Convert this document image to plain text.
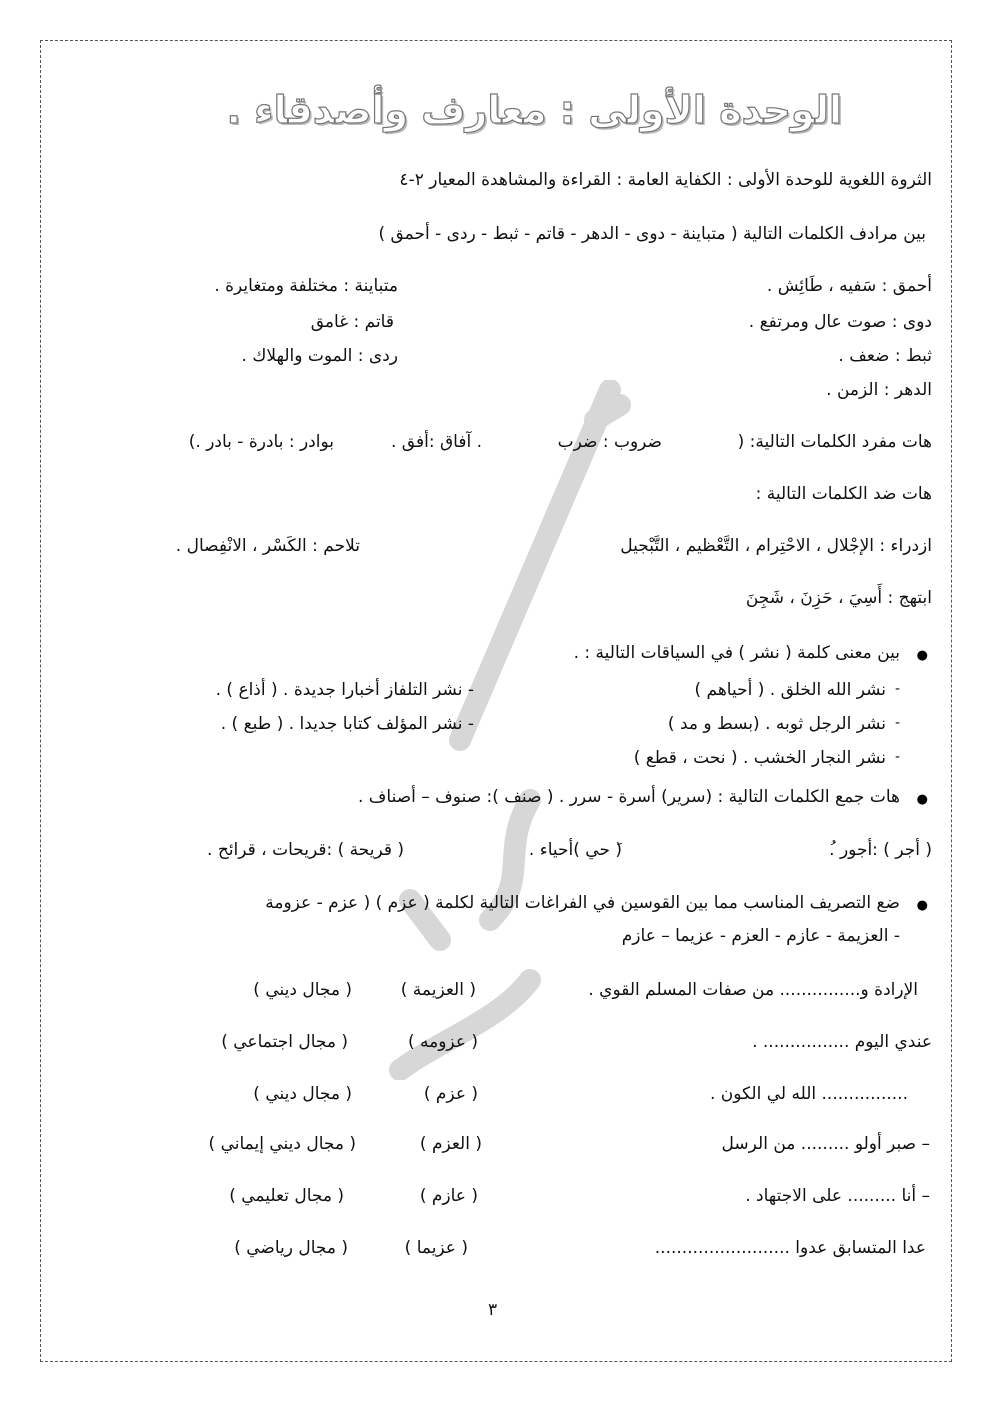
الوحدة الأولى : معارف وأصدقاء .
الثروة اللغوية للوحدة الأولى : الكفاية العامة : القراءة والمشاهدة المعيار ٢-٤
بين مرادف الكلمات التالية ( متباينة - دوى - الدهر - قاتم - ثبط - ردى - أحمق )
أحمق : سَفيه ، طَائِش .
دوى : صوت عال ومرتفع .
ثبط : ضعف .
الدهر : الزمن .
متباينة : مختلفة ومتغايرة .
قاتم : غامق
ردى : الموت والهلاك .
هات مفرد الكلمات التالية: (
ضروب : ضرب
. آفاق :أفق .
بوادر : بادرة - بادر .)
هات ضد الكلمات التالية :
ازدراء : الإجْلال ، الاحْتِرام ، التَّعْظيم ، التَّبْجيل
تلاحم : الكَسْر ، الانْفِصال .
ابتهج : أَسِيَ ، حَزِنَ ، شَجِنَ
●
بين معنى كلمة ( نشر ) في السياقات التالية : .
نشر الله الخلق . ( أحياهم ) -
- نشر التلفاز أخبارا جديدة . ( أذاع ) .
نشر الرجل ثوبه . (بسط و مد ) -
- نشر المؤلف كتابا جديدا . ( طبع ) .
نشر النجار الخشب . ( نحت ، قطع ) -
●
هات جمع الكلمات التالية : (سرير) أسرة - سرر . ( صنف ): صنوف – أصناف .
( أجر ) :أجور .ُ
(َ حي )أحياء .
( قريحة ) :قريحات ، قرائح .
●
ضع التصريف المناسب مما بين القوسين في الفراغات التالية لكلمة ( عزم ) ( عزم - عزومة
- العزيمة - عازم - العزم - عزيما – عازم
الإرادة و............... من صفات المسلم القوي .
( العزيمة )
( مجال ديني )
عندي اليوم ................ .
( عزومه )
( مجال اجتماعي )
................ الله لي الكون .
( عزم )
( مجال ديني )
– صبر أولو ......... من الرسل
( العزم )
( مجال ديني إيماني )
– أنا ......... على الاجتهاد .
( عازم )
( مجال تعليمي )
عدا المتسابق عدوا .........................
( عزيما )
( مجال رياضي )
٣
